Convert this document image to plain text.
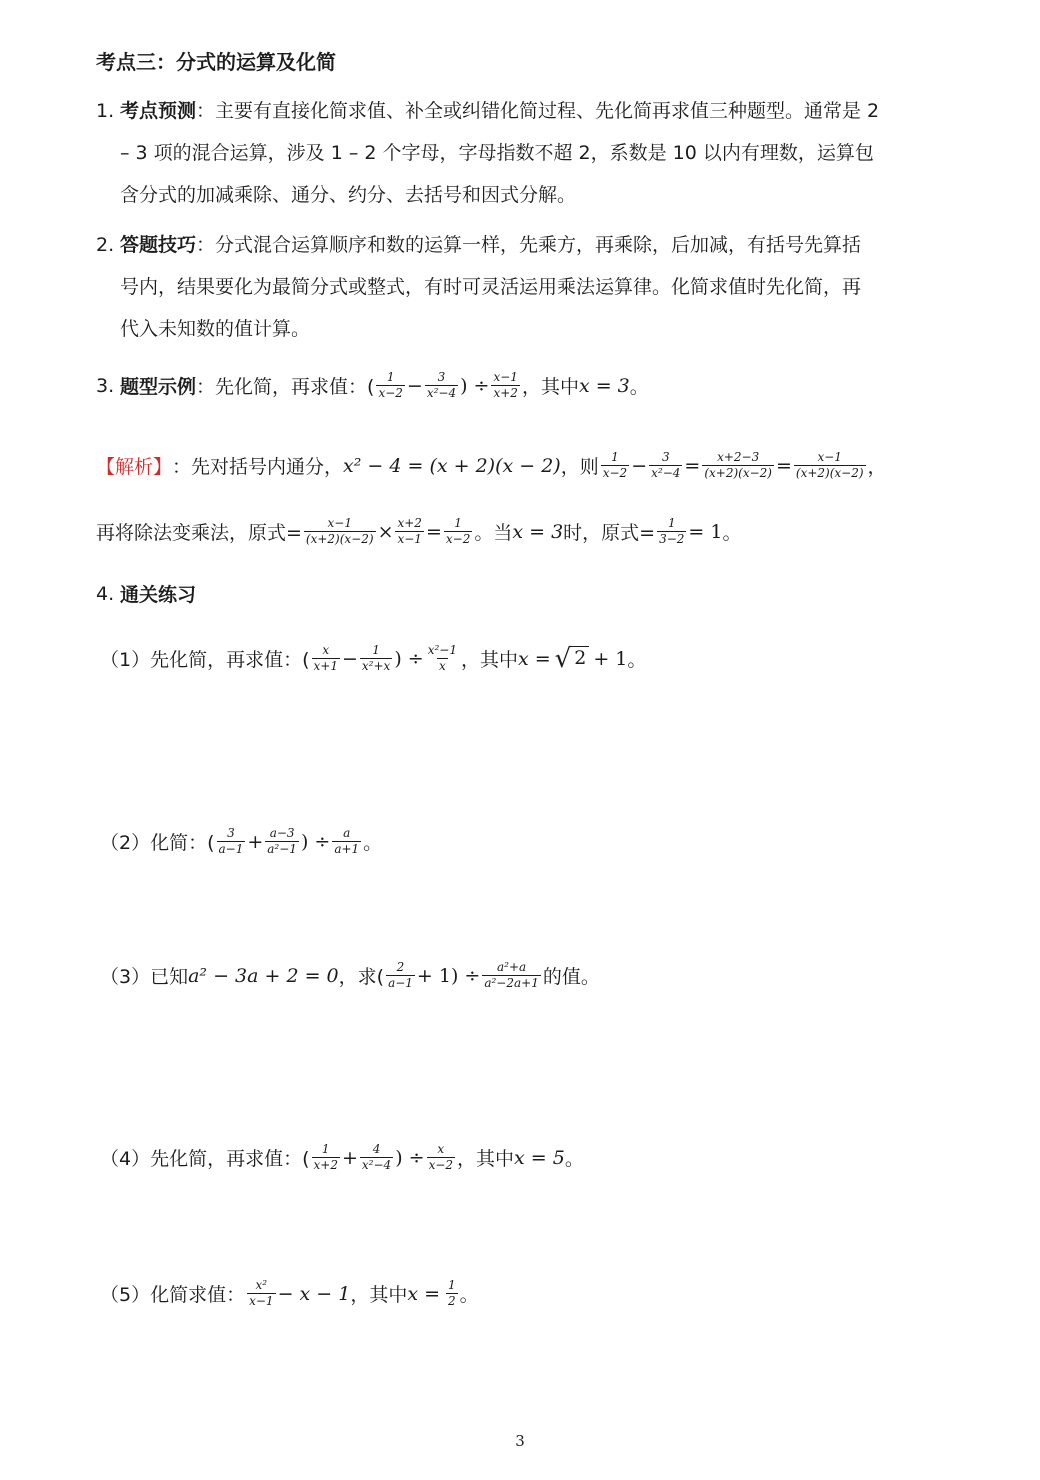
考点三：分式的运算及化简
1. 考点预测：主要有直接化简求值、补全或纠错化简过程、先化简再求值三种题型。通常是 2
– 3 项的混合运算，涉及 1 – 2 个字母，字母指数不超 2，系数是 10 以内有理数，运算包
含分式的加减乘除、通分、约分、去括号和因式分解。
2. 答题技巧：分式混合运算顺序和数的运算一样，先乘方，再乘除，后加减，有括号先算括
号内，结果要化为最简分式或整式，有时可灵活运用乘法运算律。化简求值时先化简，再
代入未知数的值计算。
3. 题型示例 ：先化简，再求值：( $\frac{1}{x-2} - \frac{3}{\text{x²−4}}$ ) ÷ $\frac{x-1}{x+2}$ ，其中 x = 3 。
【解析】 ：先对括号内通分， x² − 4 = (x + 2)(x − 2) ，则 $\frac{1}{x-2} - \frac{3}{\text{x²−4}} = \frac{x+2-3}{(x+2)(x-2)} = \frac{x-1}{(x+2)(x-2)}$ ，
再将除法变乘法，原式= $\frac{x-1}{(x+2)(x-2)} \times \frac{x+2}{x-1} = \frac{1}{x-2}$ 。当 x = 3 时，原式= $\frac{1}{3-2} = 1$ 。
4. 通关练习
（1）先化简，再求值：( $\frac{x}{x+1} - \frac{1}{\text{x²+x}}$ ) ÷ $\frac{\text{x²−1}}{x}$ ，其中 x = √ 2 + 1 。
（2）化简：( $\frac{3}{a-1} + \frac{a-3}{\text{a²−1}}$ ) ÷ $\frac{a}{a+1}$ 。
（3）已知 a² − 3a + 2 = 0 ，求( $\frac{2}{a-1} + 1) \div \frac{\text{a²+a}}{\text{a²−2a+1}}$ 的值。
（4）先化简，再求值：( $\frac{1}{x+2} + \frac{4}{\text{x²−4}}$ ) ÷ $\frac{x}{x-2}$ ，其中 x = 5 。
（5）化简求值： $\frac{\text{x²}}{x-1} - x - 1$ ，其中 $x = \frac{1}{2}$ 。
3
